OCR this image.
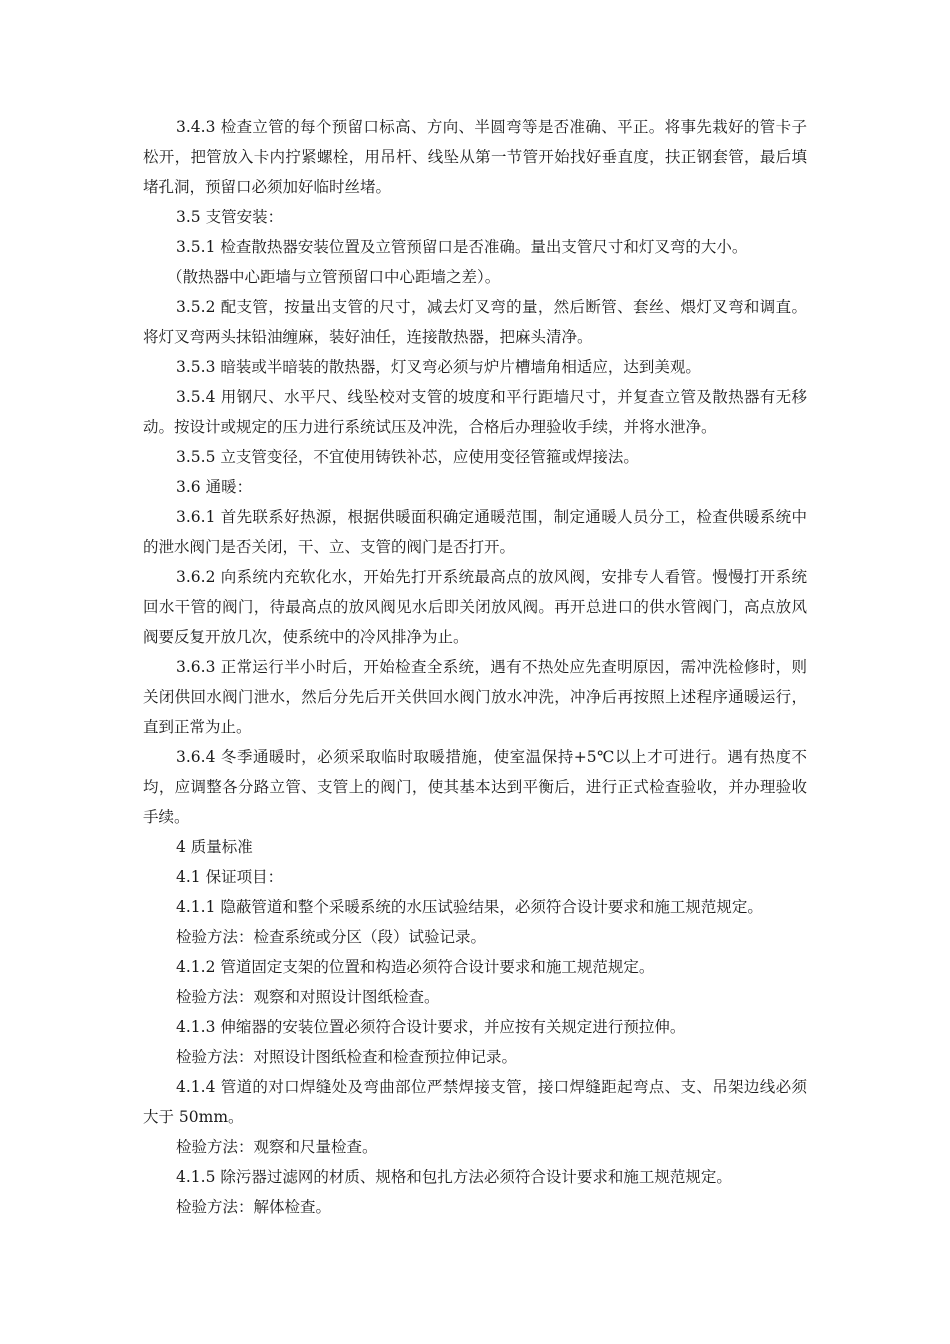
3.4.3 检查立管的每个预留口标高、方向、半圆弯等是否准确、平正。将事先栽好的管卡子松开，把管放入卡内拧紧螺栓，用吊杆、线坠从第一节管开始找好垂直度，扶正钢套管，最后填堵孔洞，预留口必须加好临时丝堵。

3.5 支管安装：

3.5.1 检查散热器安装位置及立管预留口是否准确。量出支管尺寸和灯叉弯的大小。

（散热器中心距墙与立管预留口中心距墙之差）。

3.5.2 配支管，按量出支管的尺寸，减去灯叉弯的量，然后断管、套丝、煨灯叉弯和调直。将灯叉弯两头抹铅油缠麻，装好油任，连接散热器，把麻头清净。

3.5.3 暗装或半暗装的散热器，灯叉弯必须与炉片槽墙角相适应，达到美观。

3.5.4 用钢尺、水平尺、线坠校对支管的坡度和平行距墙尺寸，并复查立管及散热器有无移动。按设计或规定的压力进行系统试压及冲洗，合格后办理验收手续，并将水泄净。

3.5.5 立支管变径，不宜使用铸铁补芯，应使用变径管箍或焊接法。

3.6 通暖：

3.6.1 首先联系好热源，根据供暖面积确定通暖范围，制定通暖人员分工，检查供暖系统中的泄水阀门是否关闭，干、立、支管的阀门是否打开。

3.6.2 向系统内充软化水，开始先打开系统最高点的放风阀，安排专人看管。慢慢打开系统回水干管的阀门，待最高点的放风阀见水后即关闭放风阀。再开总进口的供水管阀门，高点放风阀要反复开放几次，使系统中的冷风排净为止。

3.6.3 正常运行半小时后，开始检查全系统，遇有不热处应先查明原因，需冲洗检修时，则关闭供回水阀门泄水，然后分先后开关供回水阀门放水冲洗，冲净后再按照上述程序通暖运行，直到正常为止。

3.6.4 冬季通暖时，必须采取临时取暖措施，使室温保持+5℃以上才可进行。遇有热度不均，应调整各分路立管、支管上的阀门，使其基本达到平衡后，进行正式检查验收，并办理验收手续。

4 质量标准

4.1 保证项目：

4.1.1 隐蔽管道和整个采暖系统的水压试验结果，必须符合设计要求和施工规范规定。

检验方法：检查系统或分区（段）试验记录。

4.1.2 管道固定支架的位置和构造必须符合设计要求和施工规范规定。

检验方法：观察和对照设计图纸检查。

4.1.3 伸缩器的安装位置必须符合设计要求，并应按有关规定进行预拉伸。

检验方法：对照设计图纸检查和检查预拉伸记录。

4.1.4 管道的对口焊缝处及弯曲部位严禁焊接支管，接口焊缝距起弯点、支、吊架边线必须大于 50mm。

检验方法：观察和尺量检查。

4.1.5 除污器过滤网的材质、规格和包扎方法必须符合设计要求和施工规范规定。

检验方法：解体检查。
